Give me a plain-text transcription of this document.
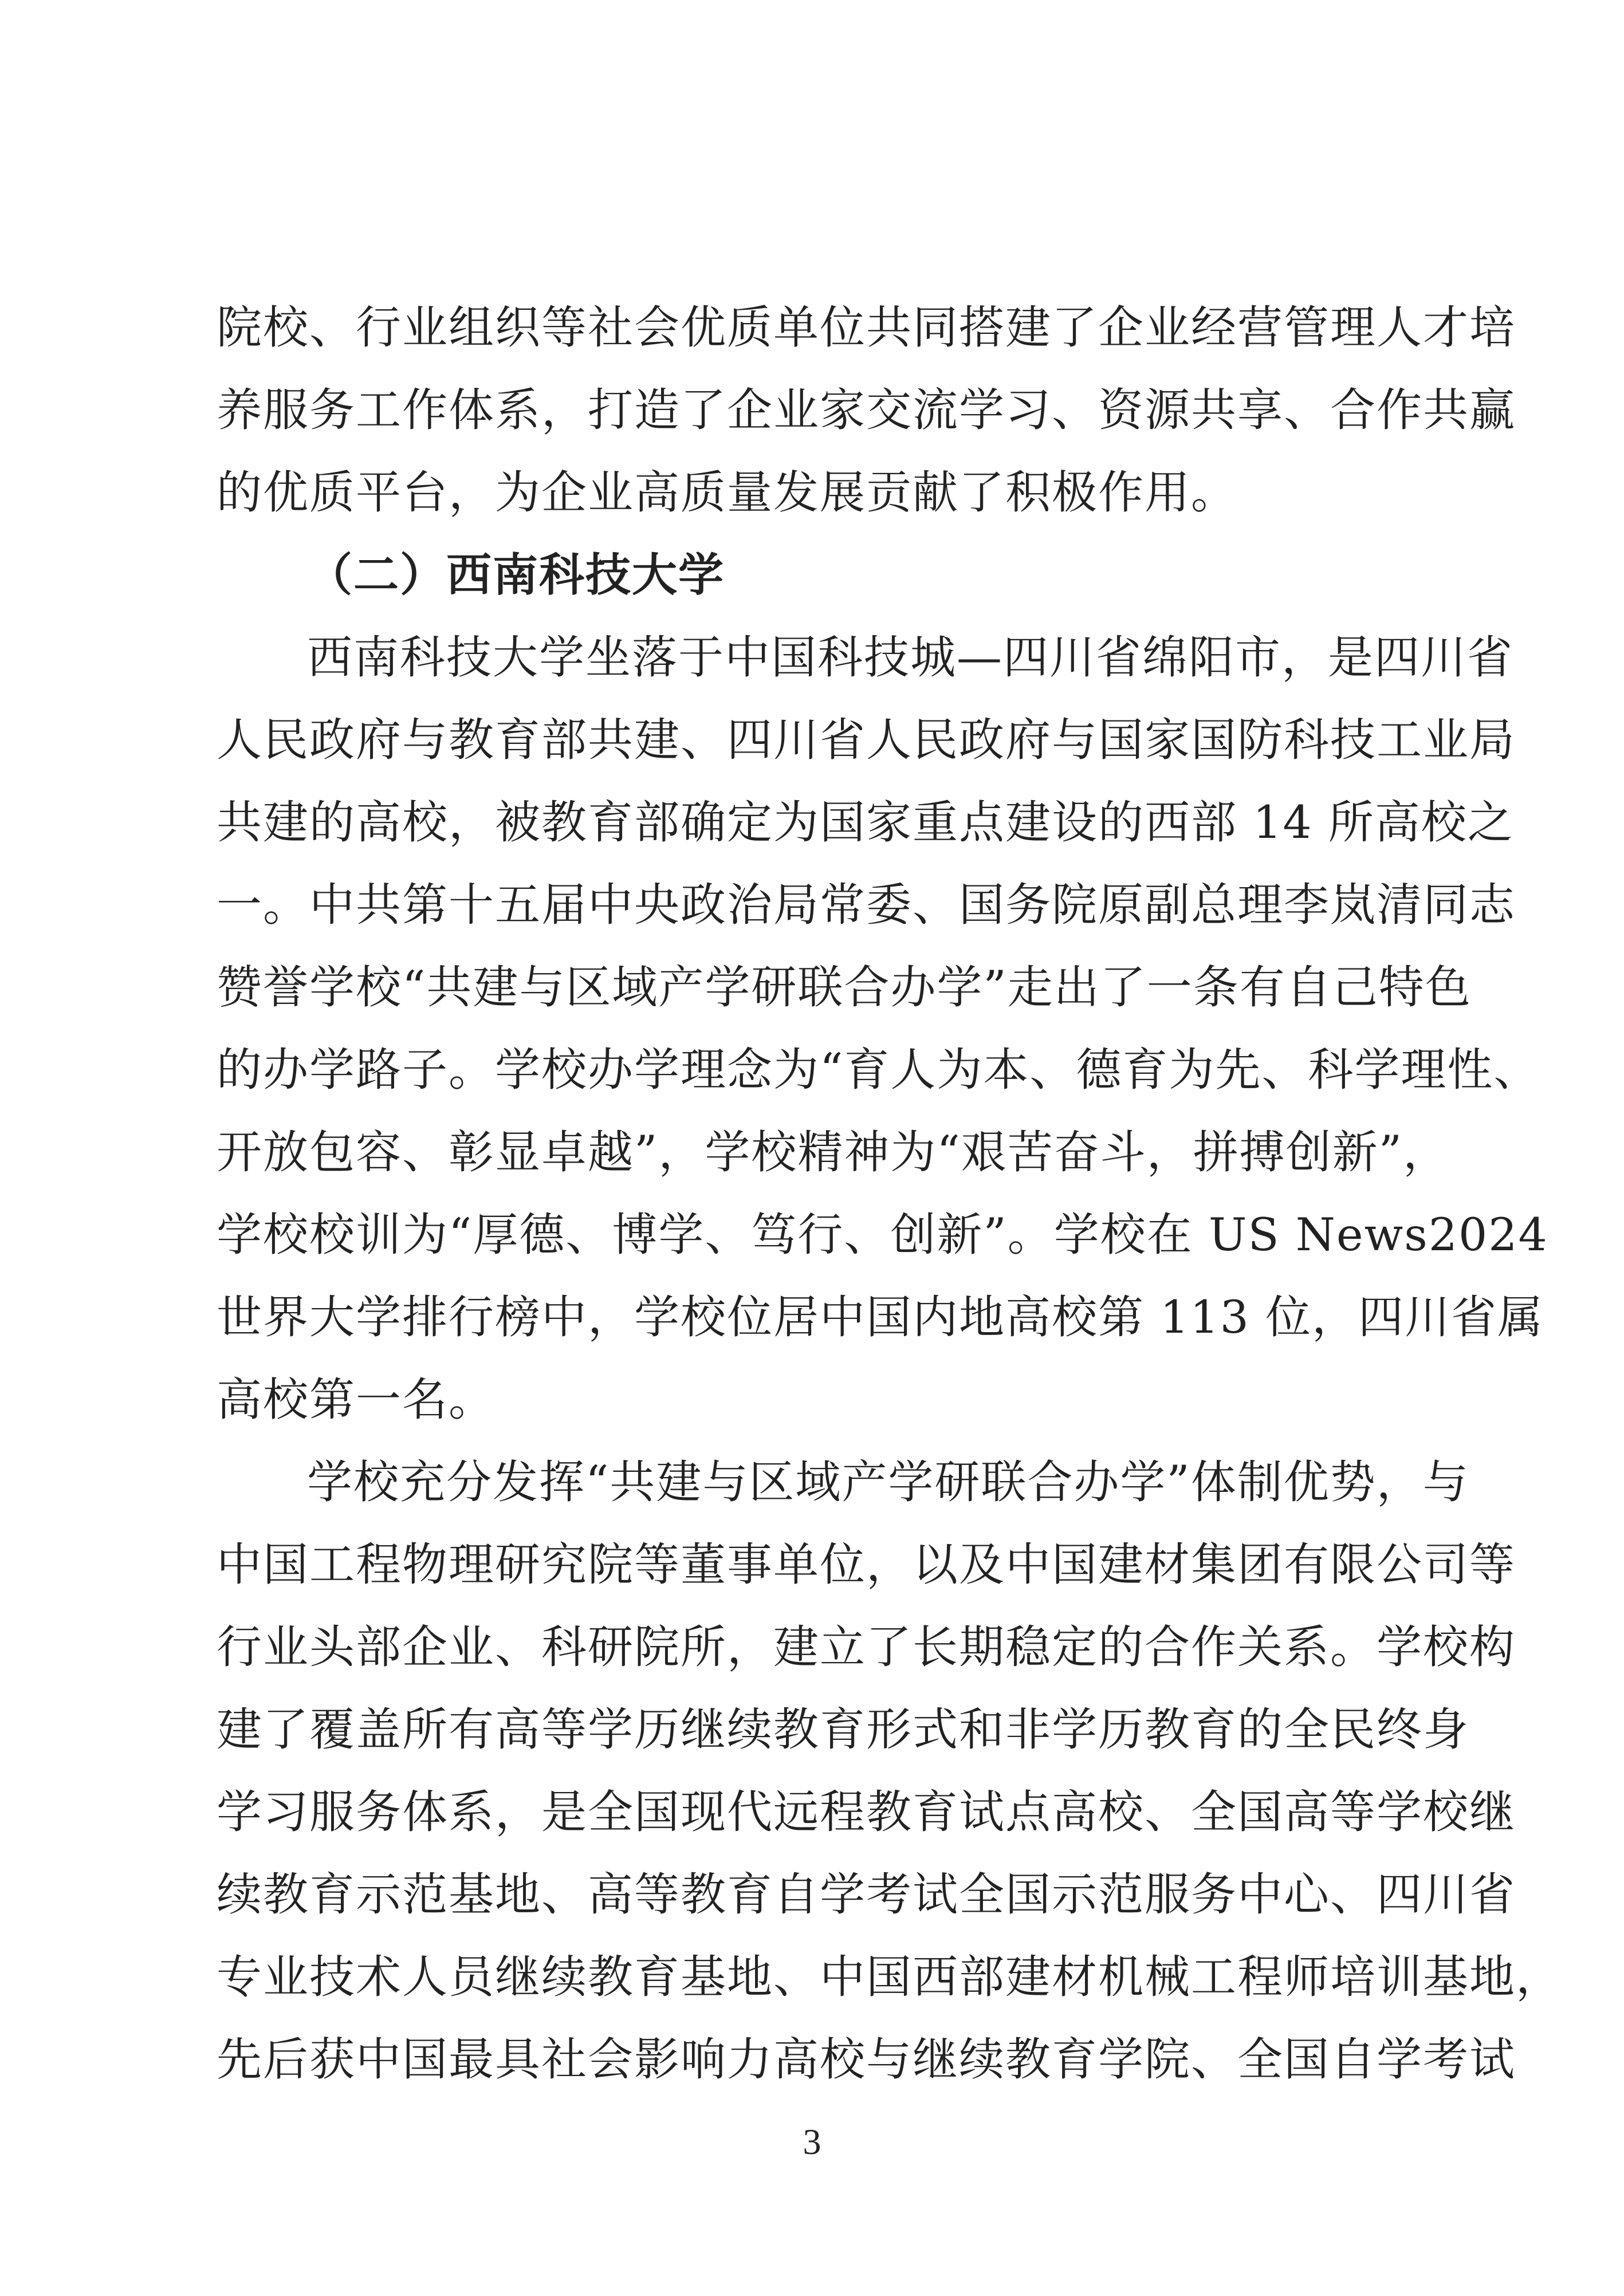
院校、行业组织等社会优质单位共同搭建了企业经营管理人才培
养服务工作体系，打造了企业家交流学习、资源共享、合作共赢
的优质平台，为企业高质量发展贡献了积极作用。
（二）西南科技大学
西南科技大学坐落于中国科技城—四川省绵阳市，是四川省
人民政府与教育部共建、四川省人民政府与国家国防科技工业局
共建的高校，被教育部确定为国家重点建设的西部 14 所高校之
一。中共第十五届中央政治局常委、国务院原副总理李岚清同志
赞誉学校“共建与区域产学研联合办学”走出了一条有自己特色
的办学路子。学校办学理念为“育人为本、德育为先、科学理性、
开放包容、彰显卓越”，学校精神为“艰苦奋斗，拼搏创新”，
学校校训为“厚德、博学、笃行、创新”。学校在 US News2024
世界大学排行榜中，学校位居中国内地高校第 113 位，四川省属
高校第一名。
学校充分发挥“共建与区域产学研联合办学”体制优势，与
中国工程物理研究院等董事单位，以及中国建材集团有限公司等
行业头部企业、科研院所，建立了长期稳定的合作关系。学校构
建了覆盖所有高等学历继续教育形式和非学历教育的全民终身
学习服务体系，是全国现代远程教育试点高校、全国高等学校继
续教育示范基地、高等教育自学考试全国示范服务中心、四川省
专业技术人员继续教育基地、中国西部建材机械工程师培训基地，
先后获中国最具社会影响力高校与继续教育学院、全国自学考试
3
